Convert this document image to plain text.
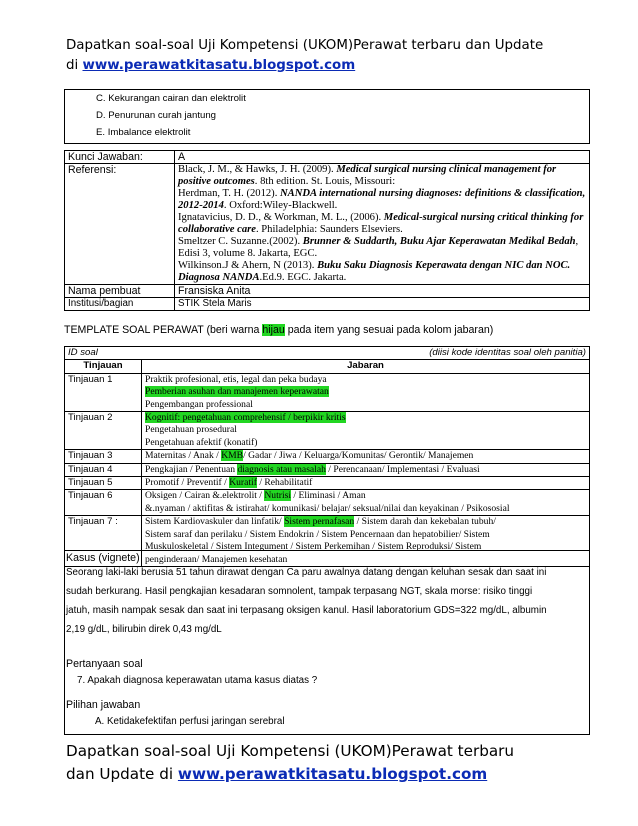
Dapatkan soal-soal Uji Kompetensi (UKOM)Perawat terbaru dan Update
di www.perawatkitasatu.blogspot.com
C. Kekurangan cairan dan elektrolit
D. Penurunan curah jantung
E. Imbalance elektrolit
Kunci Jawaban:	A
Referensi:	Black, J. M., & Hawks, J. H. (2009). Medical surgical nursing clinical management for positive outcomes. 8th edition. St. Louis, Missouri:

Herdman, T. H. (2012). NANDA international nursing diagnoses: definitions & classification, 2012-2014. Oxford:Wiley-Blackwell.

Ignatavicius, D. D., & Workman, M. L., (2006). Medical-surgical nursing critical thinking for collaborative care. Philadelphia: Saunders Elseviers.

Smeltzer C. Suzanne.(2002). Brunner & Suddarth, Buku Ajar Keperawatan Medikal Bedah, Edisi 3, volume 8. Jakarta, EGC.

Wilkinson.J & Ahern, N (2013). Buku Saku Diagnosis Keperawata dengan NIC dan NOC. Diagnosa NANDA.Ed.9. EGC. Jakarta.

Nama pembuat	Fransiska Anita
Institusi/bagian	STIK Stela Maris
TEMPLATE SOAL PERAWAT (beri warna hijau pada item yang sesuai pada kolom jabaran)
ID soal (diisi kode identitas soal oleh panitia)	

Tinjauan	Jabaran
Tinjauan 1	Praktik profesional, etis, legal dan peka budaya
Pemberian asuhan dan manajemen keperawatan
Pengembangan professional

Tinjauan 2	Kognitif: pengetahuan comprehensif / berpikir kritis
Pengetahuan prosedural
Pengetahuan afektif (konatif)

Tinjauan 3	Maternitas / Anak / KMB/ Gadar / Jiwa / Keluarga/Komunitas/ Gerontik/ Manajemen

Tinjauan 4	Pengkajian / Penentuan diagnosis atau masalah / Perencanaan/ Implementasi / Evaluasi

Tinjauan 5	Promotif / Preventif / Kuratif / Rehabilitatif

Tinjauan 6	Oksigen / Cairan &.elektrolit / Nutrisi / Eliminasi / Aman
&.nyaman / aktifitas & istirahat/ komunikasi/ belajar/ seksual/nilai dan keyakinan / Psikososial

Tinjauan 7 :	Sistem Kardiovaskuler dan linfatik/ Sistem pernafasan / Sistem darah dan kekebalan tubuh/
Sistem saraf dan perilaku / Sistem Endokrin / Sistem Pencernaan dan hepatobilier/ Sistem
Muskuloskeletal / Sistem Integument / Sistem Perkemihan / Sistem Reproduksi/ Sistem
penginderaan/ Manajemen kesehatan
Kasus (vignete)
Seorang laki-laki berusia 51 tahun dirawat dengan Ca paru awalnya datang dengan keluhan sesak dan saat ini
sudah berkurang. Hasil pengkajian kesadaran somnolent, tampak terpasang NGT, skala morse: risiko tinggi
jatuh, masih nampak sesak dan saat ini terpasang oksigen kanul. Hasil laboratorium GDS=322 mg/dL, albumin
2,19 g/dL, bilirubin direk 0,43 mg/dL
Pertanyaan soal
7. Apakah diagnosa keperawatan utama kasus diatas ?
Pilihan jawaban
A. Ketidakefektifan perfusi jaringan serebral
Dapatkan soal-soal Uji Kompetensi (UKOM)Perawat terbaru
dan Update di www.perawatkitasatu.blogspot.com
